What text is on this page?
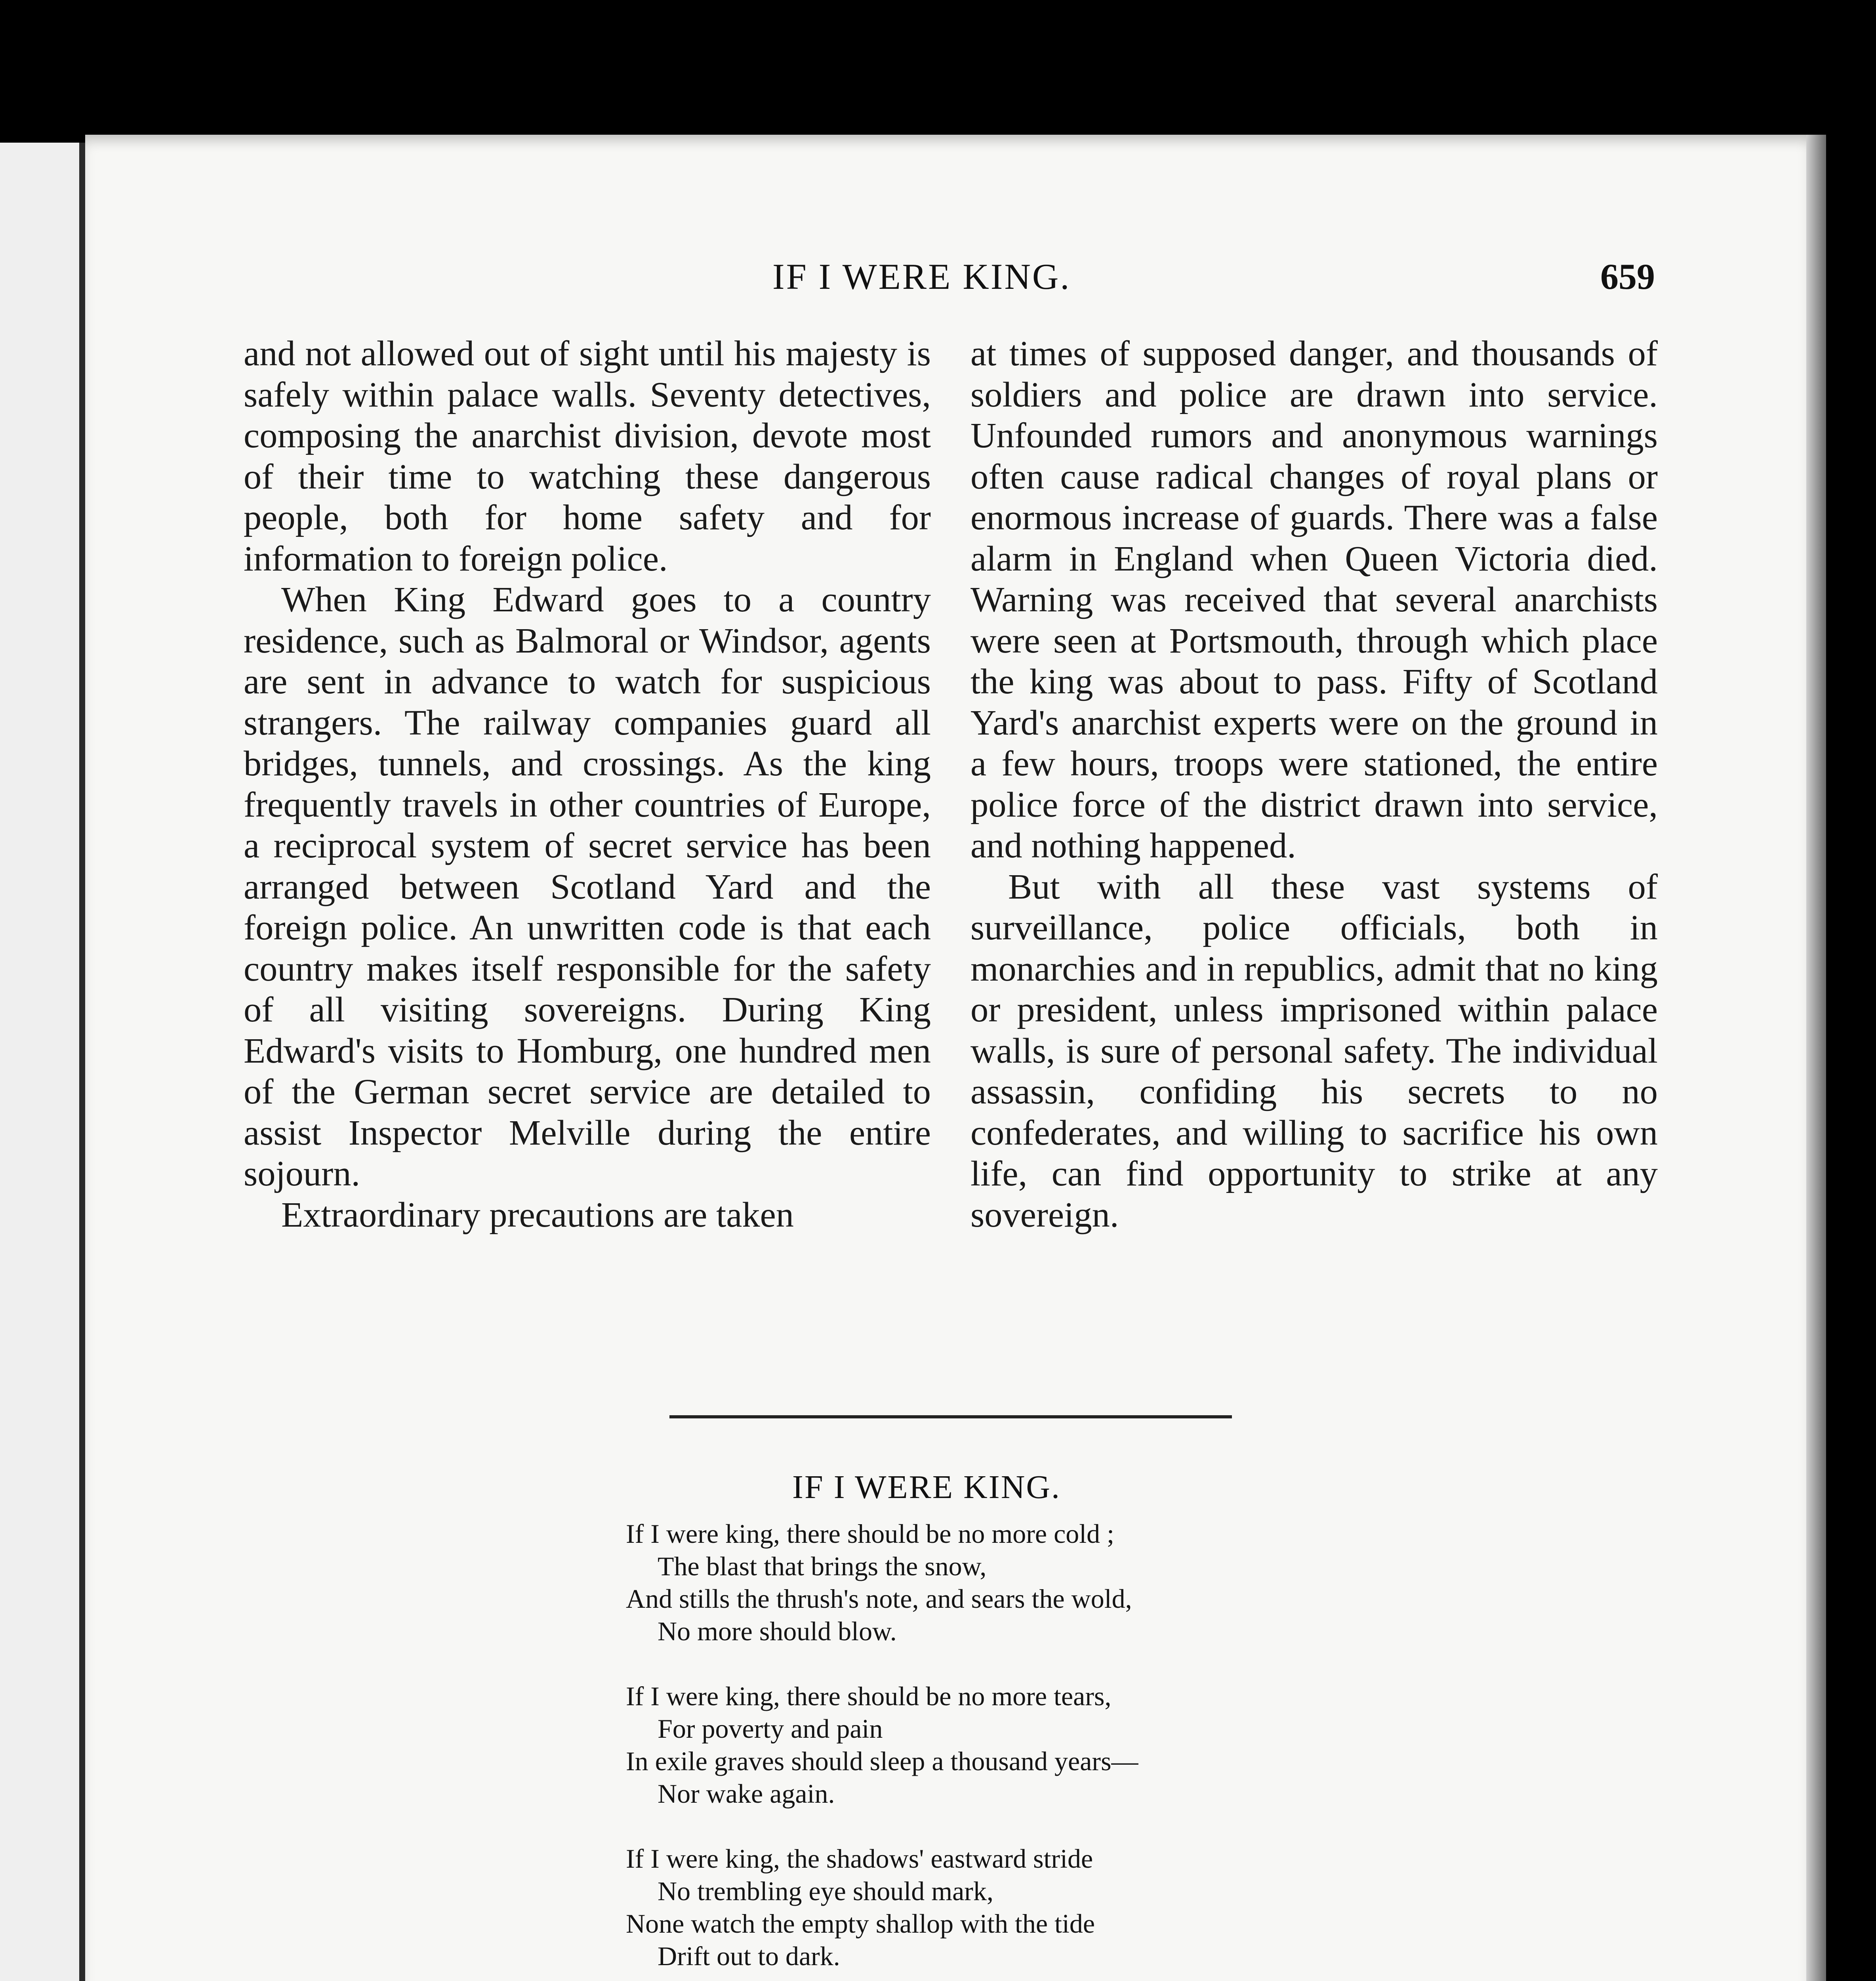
IF I WERE KING.	659

and not allowed out of sight until his majesty is safely within palace walls. Seventy detectives, composing the anarchist division, devote most of their time to watching these dangerous people, both for home safety and for information to foreign police.

When King Edward goes to a country residence, such as Balmoral or Windsor, agents are sent in advance to watch for suspicious strangers. The railway companies guard all bridges, tunnels, and crossings. As the king frequently travels in other countries of Europe, a reciprocal system of secret service has been arranged between Scotland Yard and the foreign police. An unwritten code is that each country makes itself responsible for the safety of all visiting sovereigns. During King Edward's visits to Homburg, one hundred men of the German secret service are detailed to assist Inspector Melville during the entire sojourn.

Extraordinary precautions are taken

at times of supposed danger, and thousands of soldiers and police are drawn into service. Unfounded rumors and anonymous warnings often cause radical changes of royal plans or enormous increase of guards. There was a false alarm in England when Queen Victoria died. Warning was received that several anarchists were seen at Portsmouth, through which place the king was about to pass. Fifty of Scotland Yard's anarchist experts were on the ground in a few hours, troops were stationed, the entire police force of the district drawn into service, and nothing happened.

But with all these vast systems of surveillance, police officials, both in monarchies and in republics, admit that no king or president, unless imprisoned within palace walls, is sure of personal safety. The individual assassin, confiding his secrets to no confederates, and willing to sacrifice his own life, can find opportunity to strike at any sovereign.

IF I WERE KING.
If I were king, there should be no more cold ;
The blast that brings the snow,
And stills the thrush's note, and sears the wold,
No more should blow.
If I were king, there should be no more tears,
For poverty and pain
In exile graves should sleep a thousand years—
Nor wake again.
If I were king, the shadows' eastward stride
No trembling eye should mark,
None watch the empty shallop with the tide
Drift out to dark.
